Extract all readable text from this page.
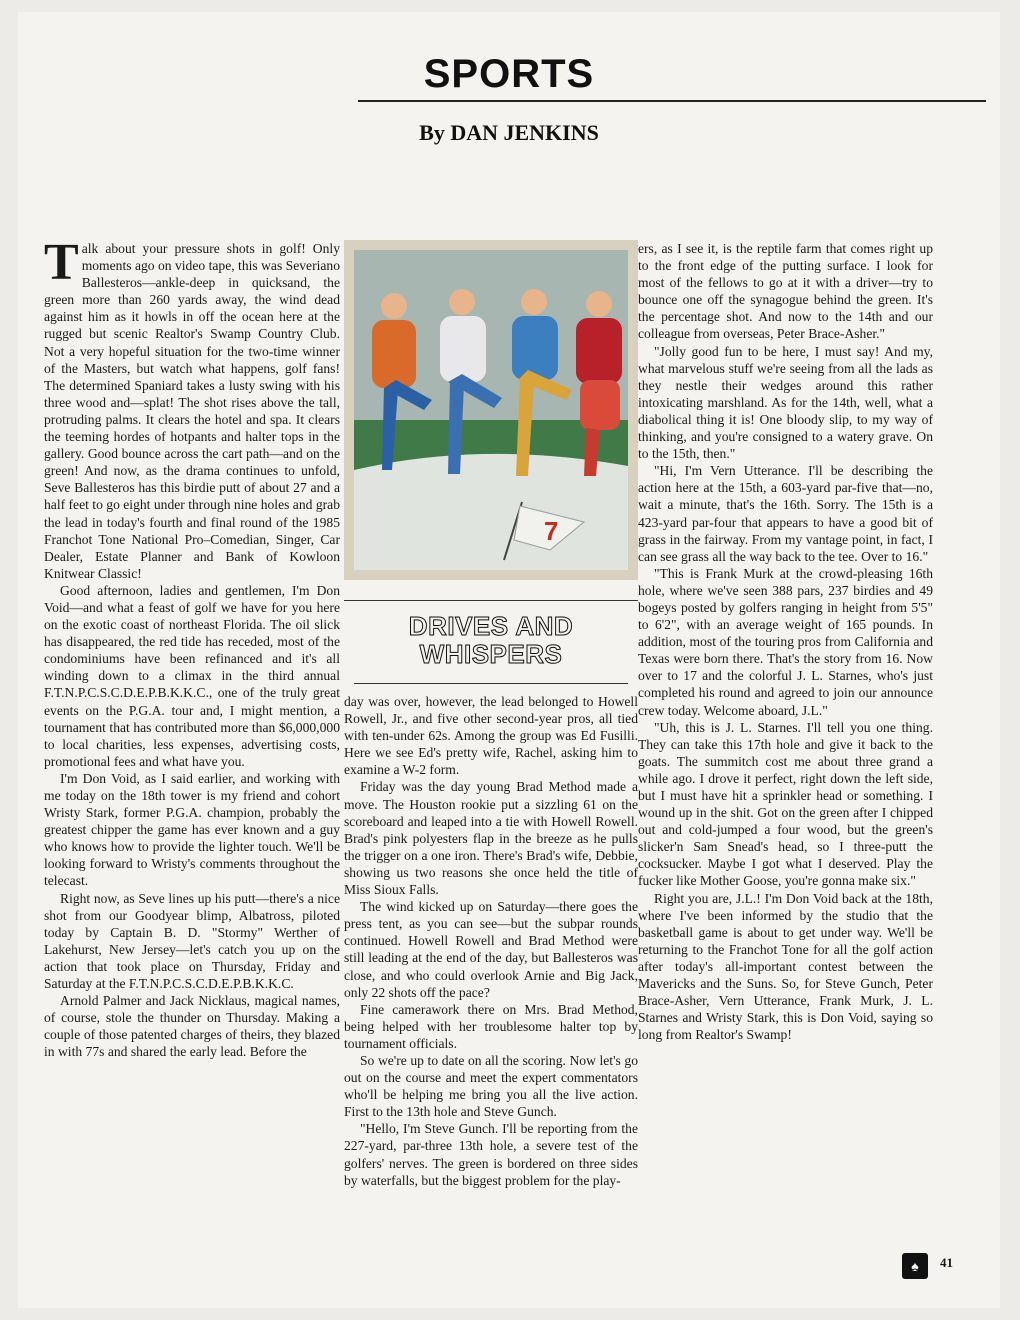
SPORTS
By DAN JENKINS

Talk about your pressure shots in golf! Only moments ago on video tape, this was Severiano Ballesteros—ankle-deep in quicksand, the green more than 260 yards away, the wind dead against him as it howls in off the ocean here at the rugged but scenic Realtor's Swamp Country Club. Not a very hopeful situation for the two-time winner of the Masters, but watch what happens, golf fans! The determined Spaniard takes a lusty swing with his three wood and—splat! The shot rises above the tall, protruding palms. It clears the hotel and spa. It clears the teeming hordes of hotpants and halter tops in the gallery. Good bounce across the cart path—and on the green! And now, as the drama continues to unfold, Seve Ballesteros has this birdie putt of about 27 and a half feet to go eight under through nine holes and grab the lead in today's fourth and final round of the 1985 Franchot Tone National Pro–Comedian, Singer, Car Dealer, Estate Planner and Bank of Kowloon Knitwear Classic!

Good afternoon, ladies and gentlemen, I'm Don Void—and what a feast of golf we have for you here on the exotic coast of northeast Florida. The oil slick has disappeared, the red tide has receded, most of the condominiums have been refinanced and it's all winding down to a climax in the third annual F.T.N.P.C.S.C.D.E.P.B.K.K.C., one of the truly great events on the P.G.A. tour and, I might mention, a tournament that has contributed more than $6,000,000 to local charities, less expenses, advertising costs, promotional fees and what have you.

I'm Don Void, as I said earlier, and working with me today on the 18th tower is my friend and cohort Wristy Stark, former P.G.A. champion, probably the greatest chipper the game has ever known and a guy who knows how to provide the lighter touch. We'll be looking forward to Wristy's comments throughout the telecast.

Right now, as Seve lines up his putt—there's a nice shot from our Goodyear blimp, Albatross, piloted today by Captain B. D. "Stormy" Werther of Lakehurst, New Jersey—let's catch you up on the action that took place on Thursday, Friday and Saturday at the F.T.N.P.C.S.C.D.E.P.B.K.K.C.

Arnold Palmer and Jack Nicklaus, magical names, of course, stole the thunder on Thursday. Making a couple of those patented charges of theirs, they blazed in with 77s and shared the early lead. Before the

7
DRIVES AND
WHISPERS

day was over, however, the lead belonged to Howell Rowell, Jr., and five other second-year pros, all tied with ten-under 62s. Among the group was Ed Fusilli. Here we see Ed's pretty wife, Rachel, asking him to examine a W-2 form.

Friday was the day young Brad Method made a move. The Houston rookie put a sizzling 61 on the scoreboard and leaped into a tie with Howell Rowell. Brad's pink polyesters flap in the breeze as he pulls the trigger on a one iron. There's Brad's wife, Debbie, showing us two reasons she once held the title of Miss Sioux Falls.

The wind kicked up on Saturday—there goes the press tent, as you can see—but the subpar rounds continued. Howell Rowell and Brad Method were still leading at the end of the day, but Ballesteros was close, and who could overlook Arnie and Big Jack, only 22 shots off the pace?

Fine camerawork there on Mrs. Brad Method, being helped with her troublesome halter top by tournament officials.

So we're up to date on all the scoring. Now let's go out on the course and meet the expert commentators who'll be helping me bring you all the live action. First to the 13th hole and Steve Gunch.

"Hello, I'm Steve Gunch. I'll be reporting from the 227-yard, par-three 13th hole, a severe test of the golfers' nerves. The green is bordered on three sides by waterfalls, but the biggest problem for the play-

ers, as I see it, is the reptile farm that comes right up to the front edge of the putting surface. I look for most of the fellows to go at it with a driver—try to bounce one off the synagogue behind the green. It's the percentage shot. And now to the 14th and our colleague from overseas, Peter Brace-Asher."

"Jolly good fun to be here, I must say! And my, what marvelous stuff we're seeing from all the lads as they nestle their wedges around this rather intoxicating marshland. As for the 14th, well, what a diabolical thing it is! One bloody slip, to my way of thinking, and you're consigned to a watery grave. On to the 15th, then."

"Hi, I'm Vern Utterance. I'll be describing the action here at the 15th, a 603-yard par-five that—no, wait a minute, that's the 16th. Sorry. The 15th is a 423-yard par-four that appears to have a good bit of grass in the fairway. From my vantage point, in fact, I can see grass all the way back to the tee. Over to 16."

"This is Frank Murk at the crowd-pleasing 16th hole, where we've seen 388 pars, 237 birdies and 49 bogeys posted by golfers ranging in height from 5'5" to 6'2", with an average weight of 165 pounds. In addition, most of the touring pros from California and Texas were born there. That's the story from 16. Now over to 17 and the colorful J. L. Starnes, who's just completed his round and agreed to join our announce crew today. Welcome aboard, J.L."

"Uh, this is J. L. Starnes. I'll tell you one thing. They can take this 17th hole and give it back to the goats. The summitch cost me about three grand a while ago. I drove it perfect, right down the left side, but I must have hit a sprinkler head or something. I wound up in the shit. Got on the green after I chipped out and cold-jumped a four wood, but the green's slicker'n Sam Snead's head, so I three-putt the cocksucker. Maybe I got what I deserved. Play the fucker like Mother Goose, you're gonna make six."

Right you are, J.L.! I'm Don Void back at the 18th, where I've been informed by the studio that the basketball game is about to get under way. We'll be returning to the Franchot Tone for all the golf action after today's all-important contest between the Mavericks and the Suns. So, for Steve Gunch, Peter Brace-Asher, Vern Utterance, Frank Murk, J. L. Starnes and Wristy Stark, this is Don Void, saying so long from Realtor's Swamp!

♠	41
